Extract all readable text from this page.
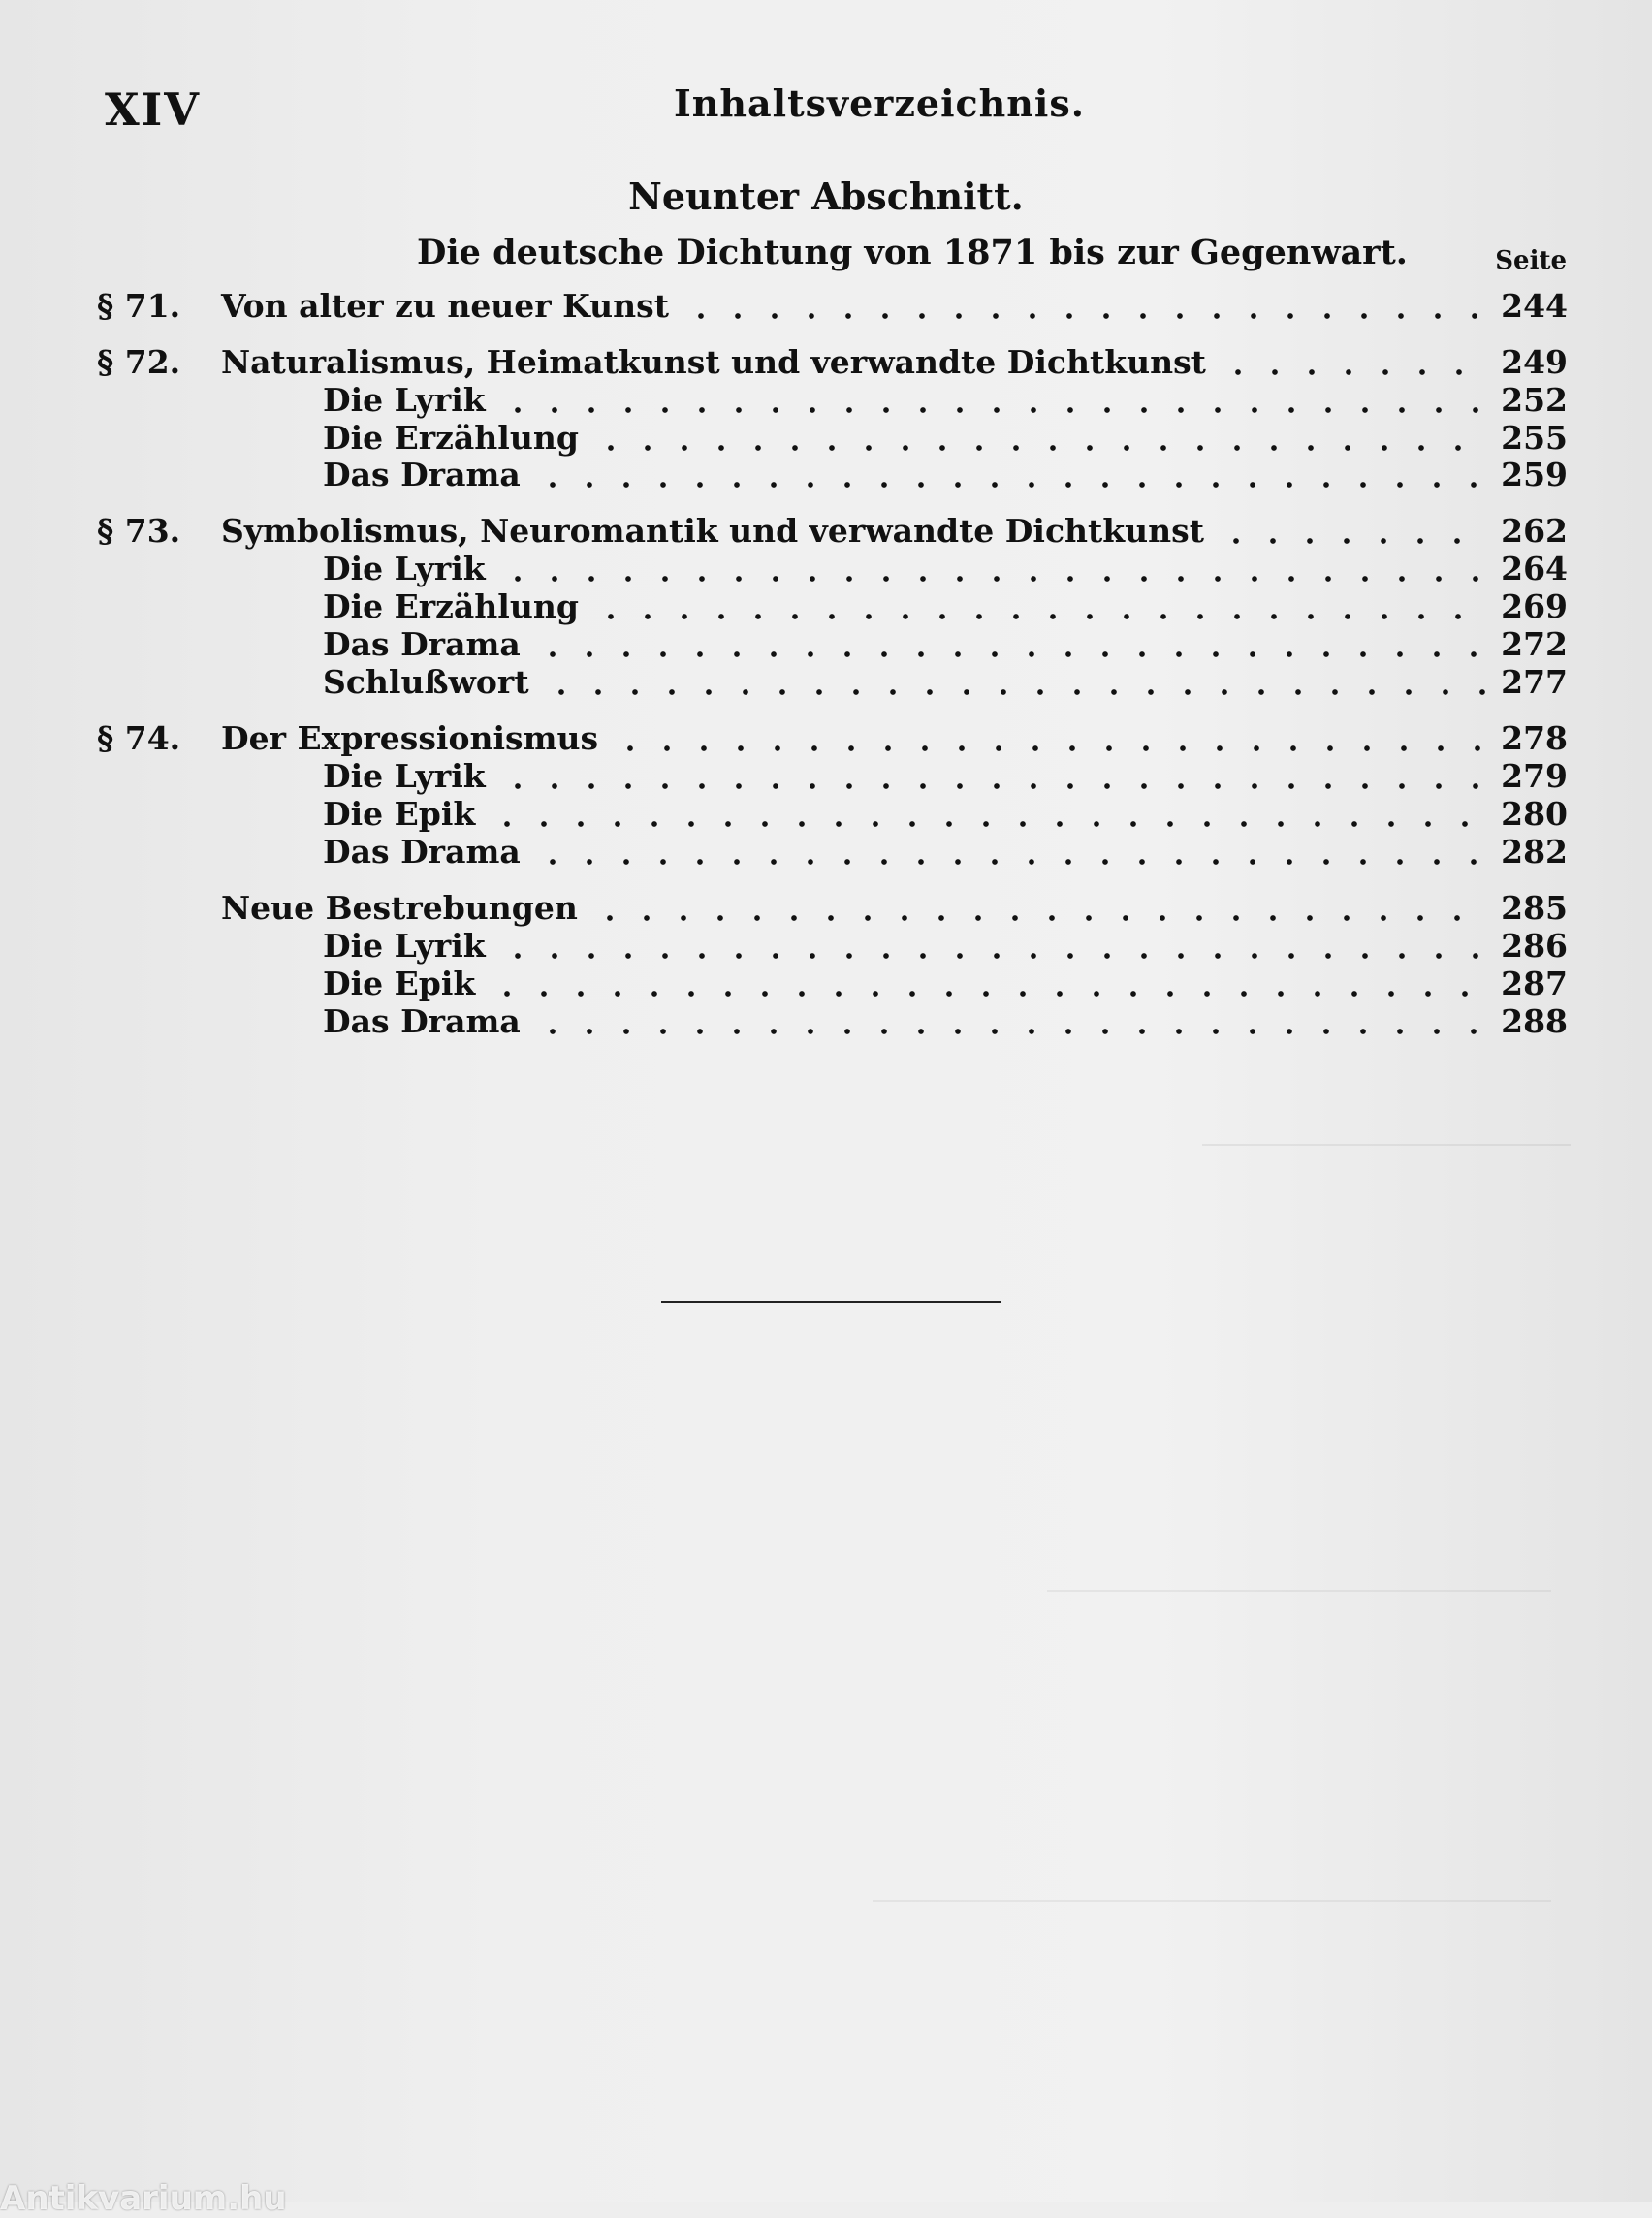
XIV	Inhaltsverzeichnis.
Neunter Abschnitt.
Die deutsche Dichtung von 1871 bis zur Gegenwart.	Seite
§ 71.	Von alter zu neuer Kunst	244
§ 72.	Naturalismus, Heimatkunst und verwandte Dichtkunst	249
Die Lyrik	252
Die Erzählung	255
Das Drama	259
§ 73.	Symbolismus, Neuromantik und verwandte Dichtkunst	262
Die Lyrik	264
Die Erzählung	269
Das Drama	272
Schlußwort	277
§ 74.	Der Expressionismus	278
Die Lyrik	279
Die Epik	280
Das Drama	282
Neue Bestrebungen	285
Die Lyrik	286
Die Epik	287
Das Drama	288
Antikvarium.hu
